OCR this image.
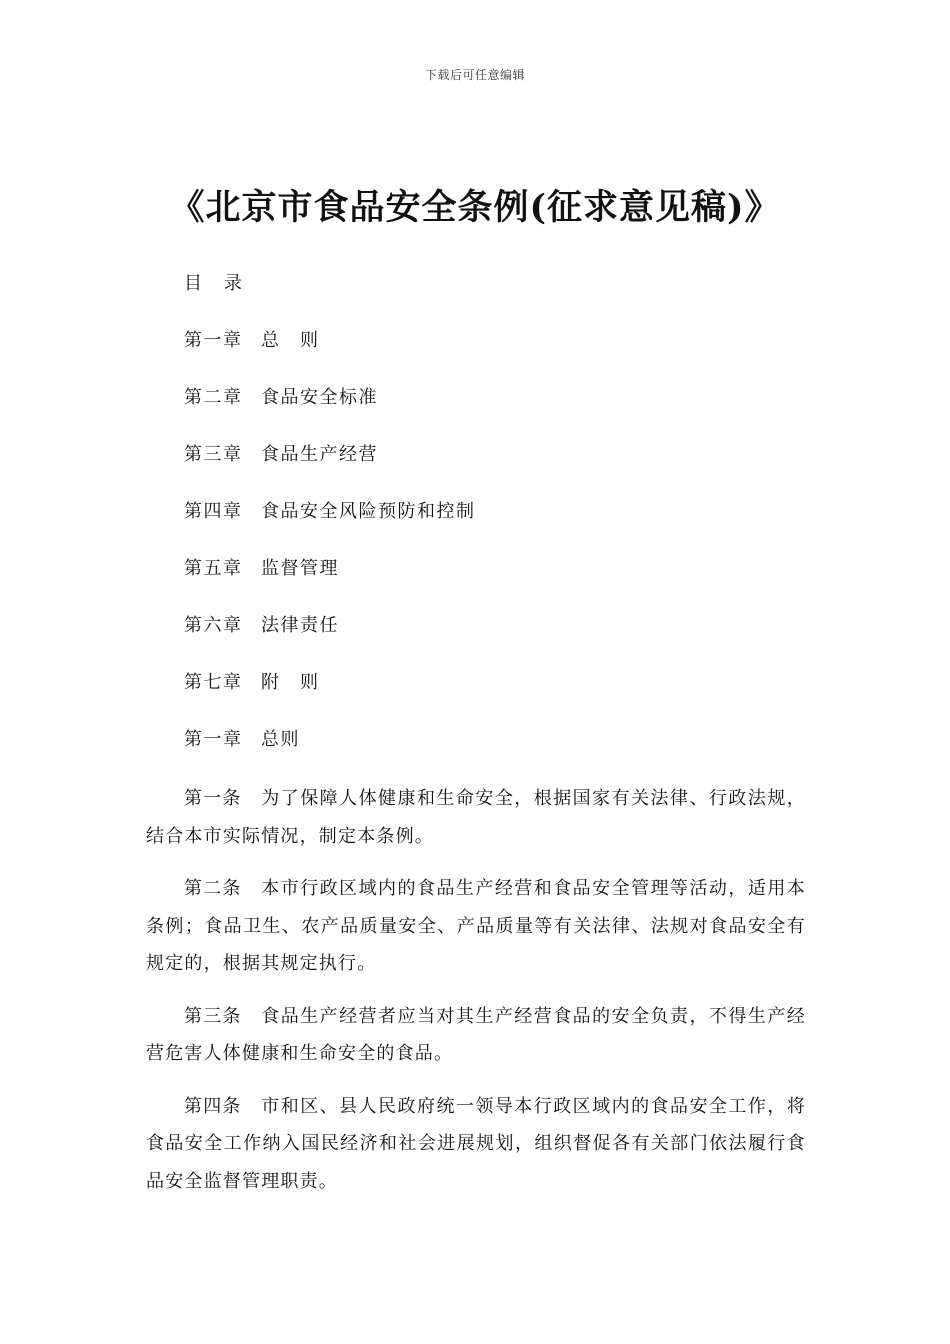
下载后可任意编辑
《北京市食品安全条例(征求意见稿)》
目 录
第一章 总　则
第二章 食品安全标准
第三章 食品生产经营
第四章 食品安全风险预防和控制
第五章 监督管理
第六章 法律责任
第七章 附　则
第一章 总则

第一条 为了保障人体健康和生命安全，根据国家有关法律、行政法规，结合本市实际情况，制定本条例。

第二条 本市行政区域内的食品生产经营和食品安全管理等活动，适用本条例；食品卫生、农产品质量安全、产品质量等有关法律、法规对食品安全有规定的，根据其规定执行。

第三条 食品生产经营者应当对其生产经营食品的安全负责，不得生产经营危害人体健康和生命安全的食品。

第四条 市和区、县人民政府统一领导本行政区域内的食品安全工作，将食品安全工作纳入国民经济和社会进展规划，组织督促各有关部门依法履行食品安全监督管理职责。
